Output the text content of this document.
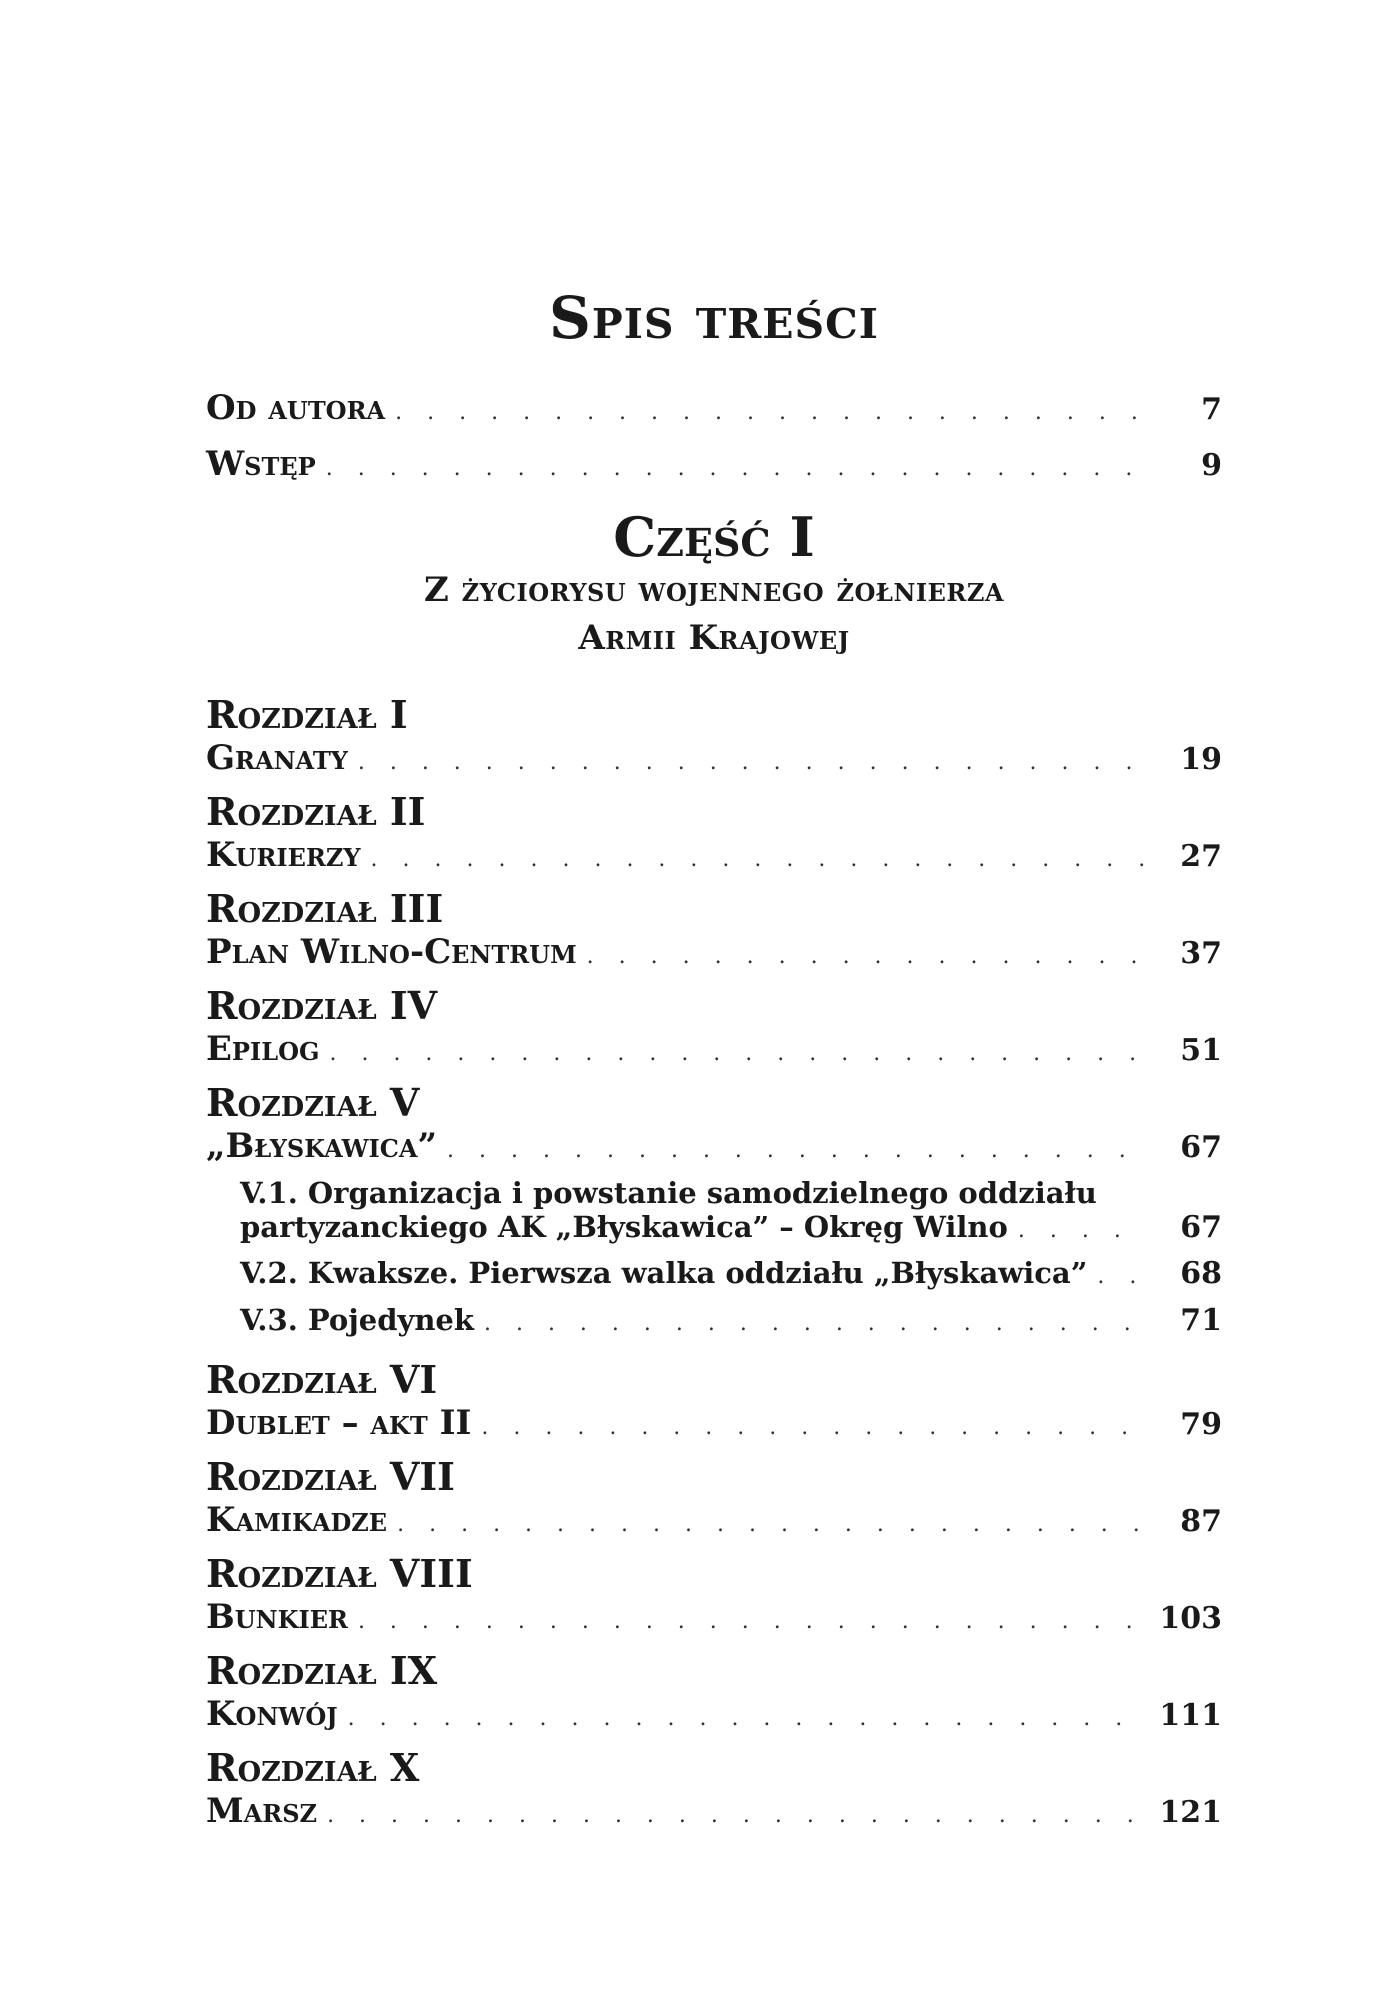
Spis treści
Od autora . . .	7
Wstęp . . .	9
Część I
Z życiorysu wojennego żołnierza
Armii Krajowej
Rozdział I
Granaty . . .	19
Rozdział II
Kurierzy . . .	27
Rozdział III
Plan Wilno-Centrum . . .	37
Rozdział IV
Epilog . . .	51
Rozdział V
„Błyskawica” . . .	67
V.1. Organizacja i powstanie samodzielnego oddziału
partyzanckiego AK „Błyskawica” – Okręg Wilno . . .	67
V.2. Kwaksze. Pierwsza walka oddziału „Błyskawica” . . .	68
V.3. Pojedynek . . .	71
Rozdział VI
Dublet – akt II . . .	79
Rozdział VII
Kamikadze . . .	87
Rozdział VIII
Bunkier . . .	103
Rozdział IX
Konwój . . .	111
Rozdział X
Marsz . . .	121
